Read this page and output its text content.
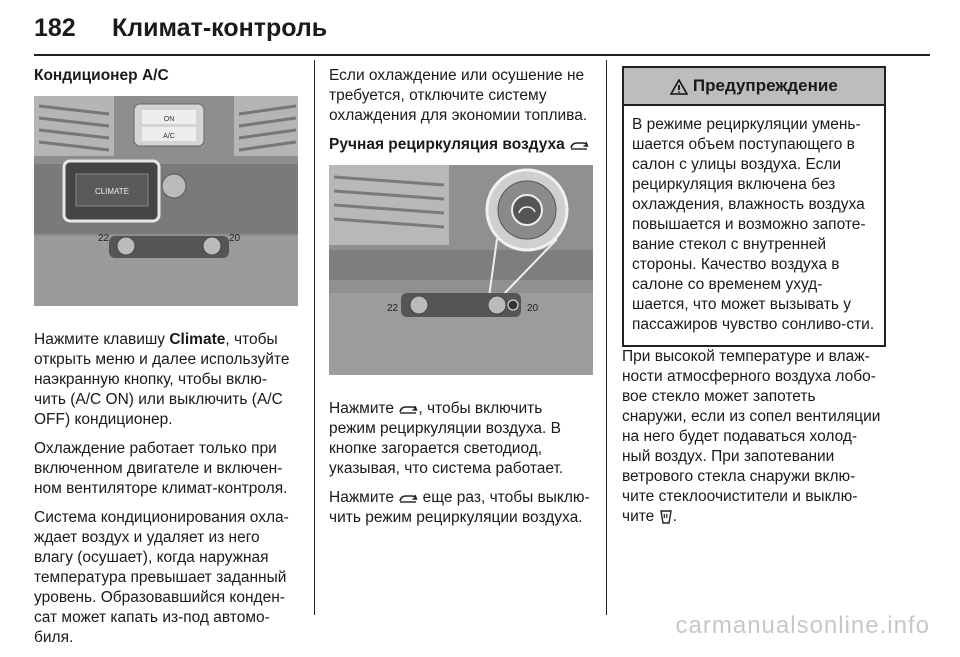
182 Климат-контроль
Кондиционер A/C
ON
A/C
CLIMATE
22	20

Нажмите клавишу Climate, чтобы открыть меню и далее используйте наэкранную кнопку, чтобы вклю-чить (A/C ON) или выключить (A/C OFF) кондиционер.

Охлаждение работает только при включенном двигателе и включен-ном вентиляторе климат-контроля.

Система кондиционирования охла-ждает воздух и удаляет из него влагу (осушает), когда наружная температура превышает заданный уровень. Образовавшийся конден-сат может капать из-под автомо-биля.

Если охлаждение или осушение не требуется, отключите систему охлаждения для экономии топлива.

Ручная рециркуляция воздуха
22	20

Нажмите , чтобы включить режим рециркуляции воздуха. В кнопке загорается светодиод, указывая, что система работает.

Нажмите  еще раз, чтобы выклю-чить режим рециркуляции воздуха.

Предупреждение
В режиме рециркуляции умень-шается объем поступающего в салон с улицы воздуха. Если рециркуляция включена без охлаждения, влажность воздуха повышается и возможно запоте-вание стекол с внутренней стороны. Качество воздуха в салоне со временем ухуд-шается, что может вызывать у пассажиров чувство сонливо-сти.

При высокой температуре и влаж-ности атмосферного воздуха лобо-вое стекло может запотеть снаружи, если из сопел вентиляции на него будет подаваться холод-ный воздух. При запотевании ветрового стекла снаружи вклю-чите стеклоочистители и выклю-чите .

carmanualsonline.info
